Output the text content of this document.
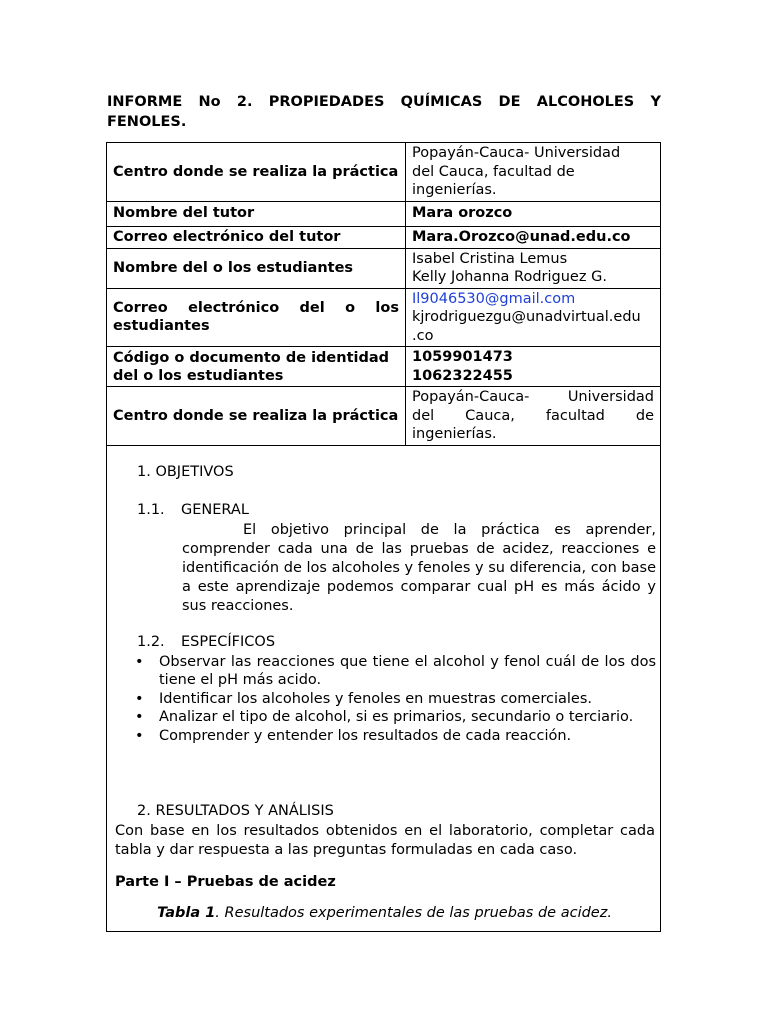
INFORME No 2. PROPIEDADES QUÍMICAS DE ALCOHOLES Y FENOLES.
Centro donde se realiza la práctica	Popayán-Cauca- Universidad
del Cauca, facultad de
ingenierías.

Nombre del tutor	Mara orozco
Correo electrónico del tutor	Mara.Orozco@unad.edu.co
Nombre del o los estudiantes	Isabel Cristina Lemus
Kelly Johanna Rodriguez G.

Correo electrónico del o los estudiantes	Il9046530@gmail.com
kjrodriguezgu@unadvirtual.edu
.co

Código o documento de identidad del o los estudiantes	1059901473
1062322455

Centro donde se realiza la práctica	Popayán-Cauca- Universidad
del Cauca, facultad de
ingenierías.
1. OBJETIVOS
1.1. GENERAL
El objetivo principal de la práctica es aprender, comprender cada una de las pruebas de acidez, reacciones e identificación de los alcoholes y fenoles y su diferencia, con base a este aprendizaje podemos comparar cual pH es más ácido y sus reacciones.
1.2. ESPECÍFICOS
• Observar las reacciones que tiene el alcohol y fenol cuál de los dos tiene el pH más acido.
• Identificar los alcoholes y fenoles en muestras comerciales.
• Analizar el tipo de alcohol, si es primarios, secundario o terciario.
• Comprender y entender los resultados de cada reacción.
2. RESULTADOS Y ANÁLISIS
Con base en los resultados obtenidos en el laboratorio, completar cada tabla y dar respuesta a las preguntas formuladas en cada caso.
Parte I – Pruebas de acidez
Tabla 1. Resultados experimentales de las pruebas de acidez.
